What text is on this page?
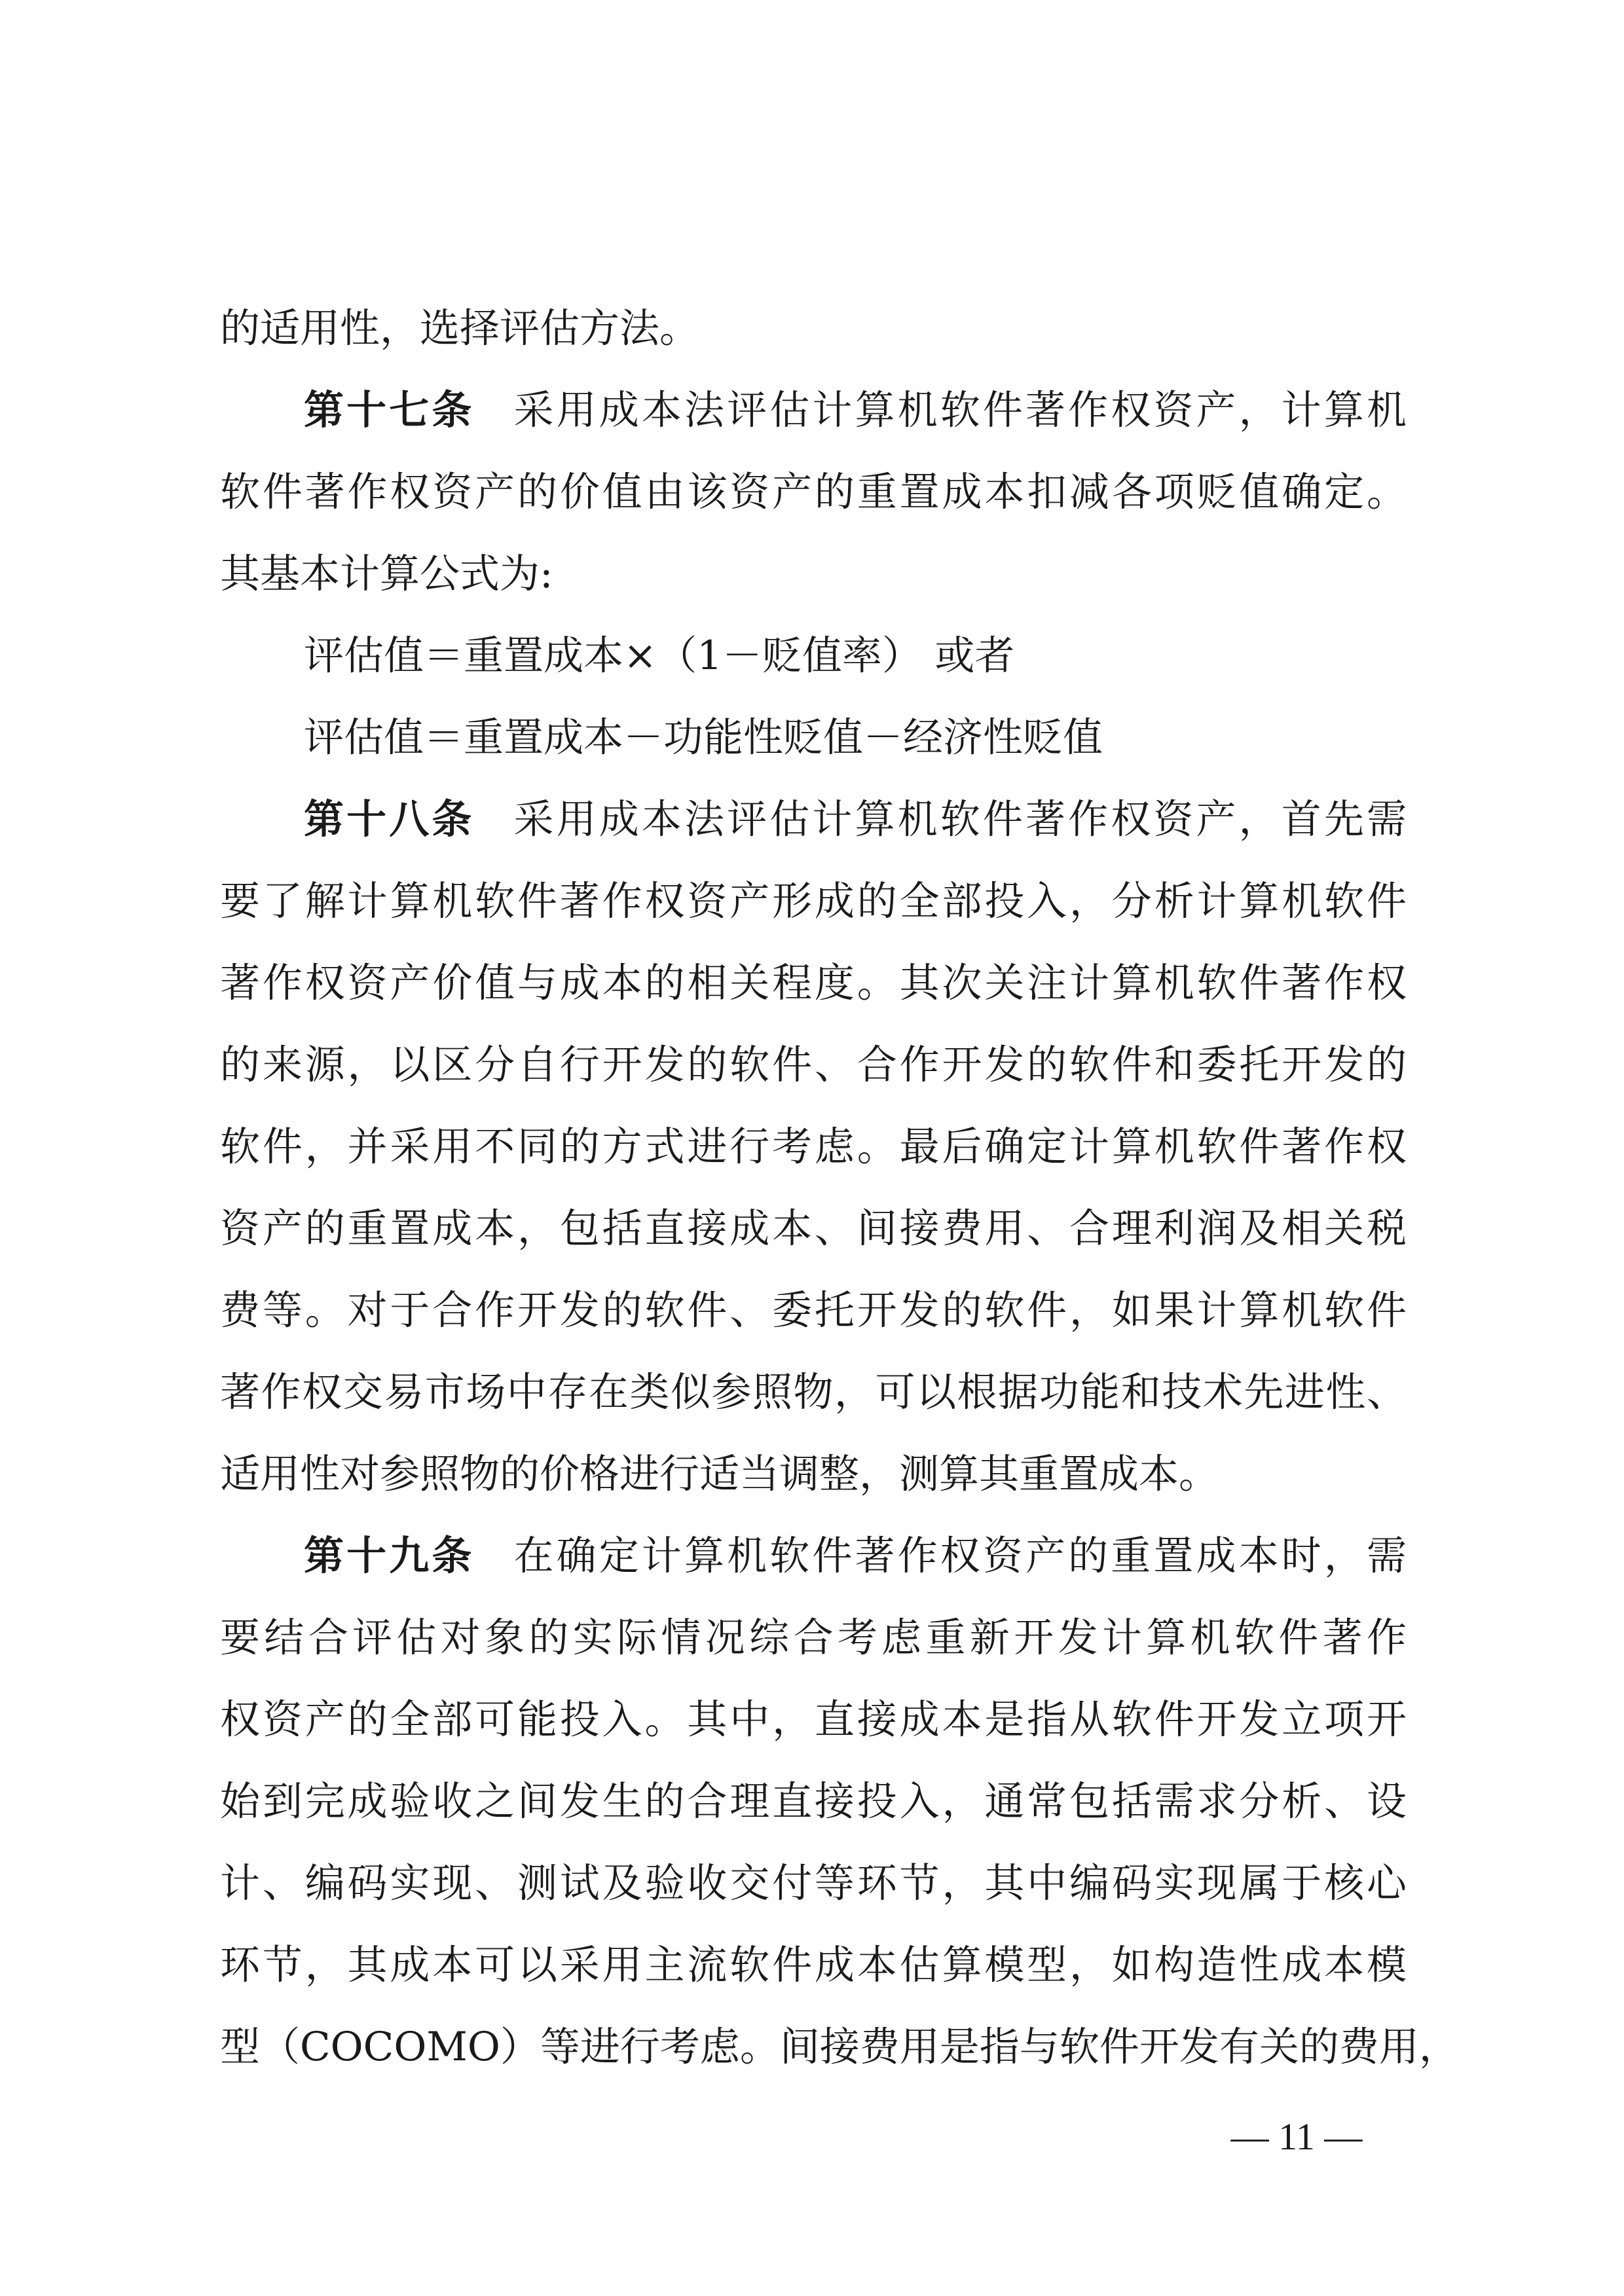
的适用性，选择评估方法。
第十七条 采用成本法评估计算机软件著作权资产，计算机
软件著作权资产的价值由该资产的重置成本扣减各项贬值确定。
其基本计算公式为:
评估值＝重置成本×（1－贬值率） 或者
评估值＝重置成本－功能性贬值－经济性贬值
第十八条 采用成本法评估计算机软件著作权资产，首先需
要了解计算机软件著作权资产形成的全部投入，分析计算机软件
著作权资产价值与成本的相关程度。其次关注计算机软件著作权
的来源，以区分自行开发的软件、合作开发的软件和委托开发的
软件，并采用不同的方式进行考虑。最后确定计算机软件著作权
资产的重置成本，包括直接成本、间接费用、合理利润及相关税
费等。对于合作开发的软件、委托开发的软件，如果计算机软件
著作权交易市场中存在类似参照物，可以根据功能和技术先进性、
适用性对参照物的价格进行适当调整，测算其重置成本。
第十九条 在确定计算机软件著作权资产的重置成本时，需
要结合评估对象的实际情况综合考虑重新开发计算机软件著作
权资产的全部可能投入。其中，直接成本是指从软件开发立项开
始到完成验收之间发生的合理直接投入，通常包括需求分析、设
计、编码实现、测试及验收交付等环节，其中编码实现属于核心
环节，其成本可以采用主流软件成本估算模型，如构造性成本模
型（COCOMO）等进行考虑。间接费用是指与软件开发有关的费用，
— 11 —
